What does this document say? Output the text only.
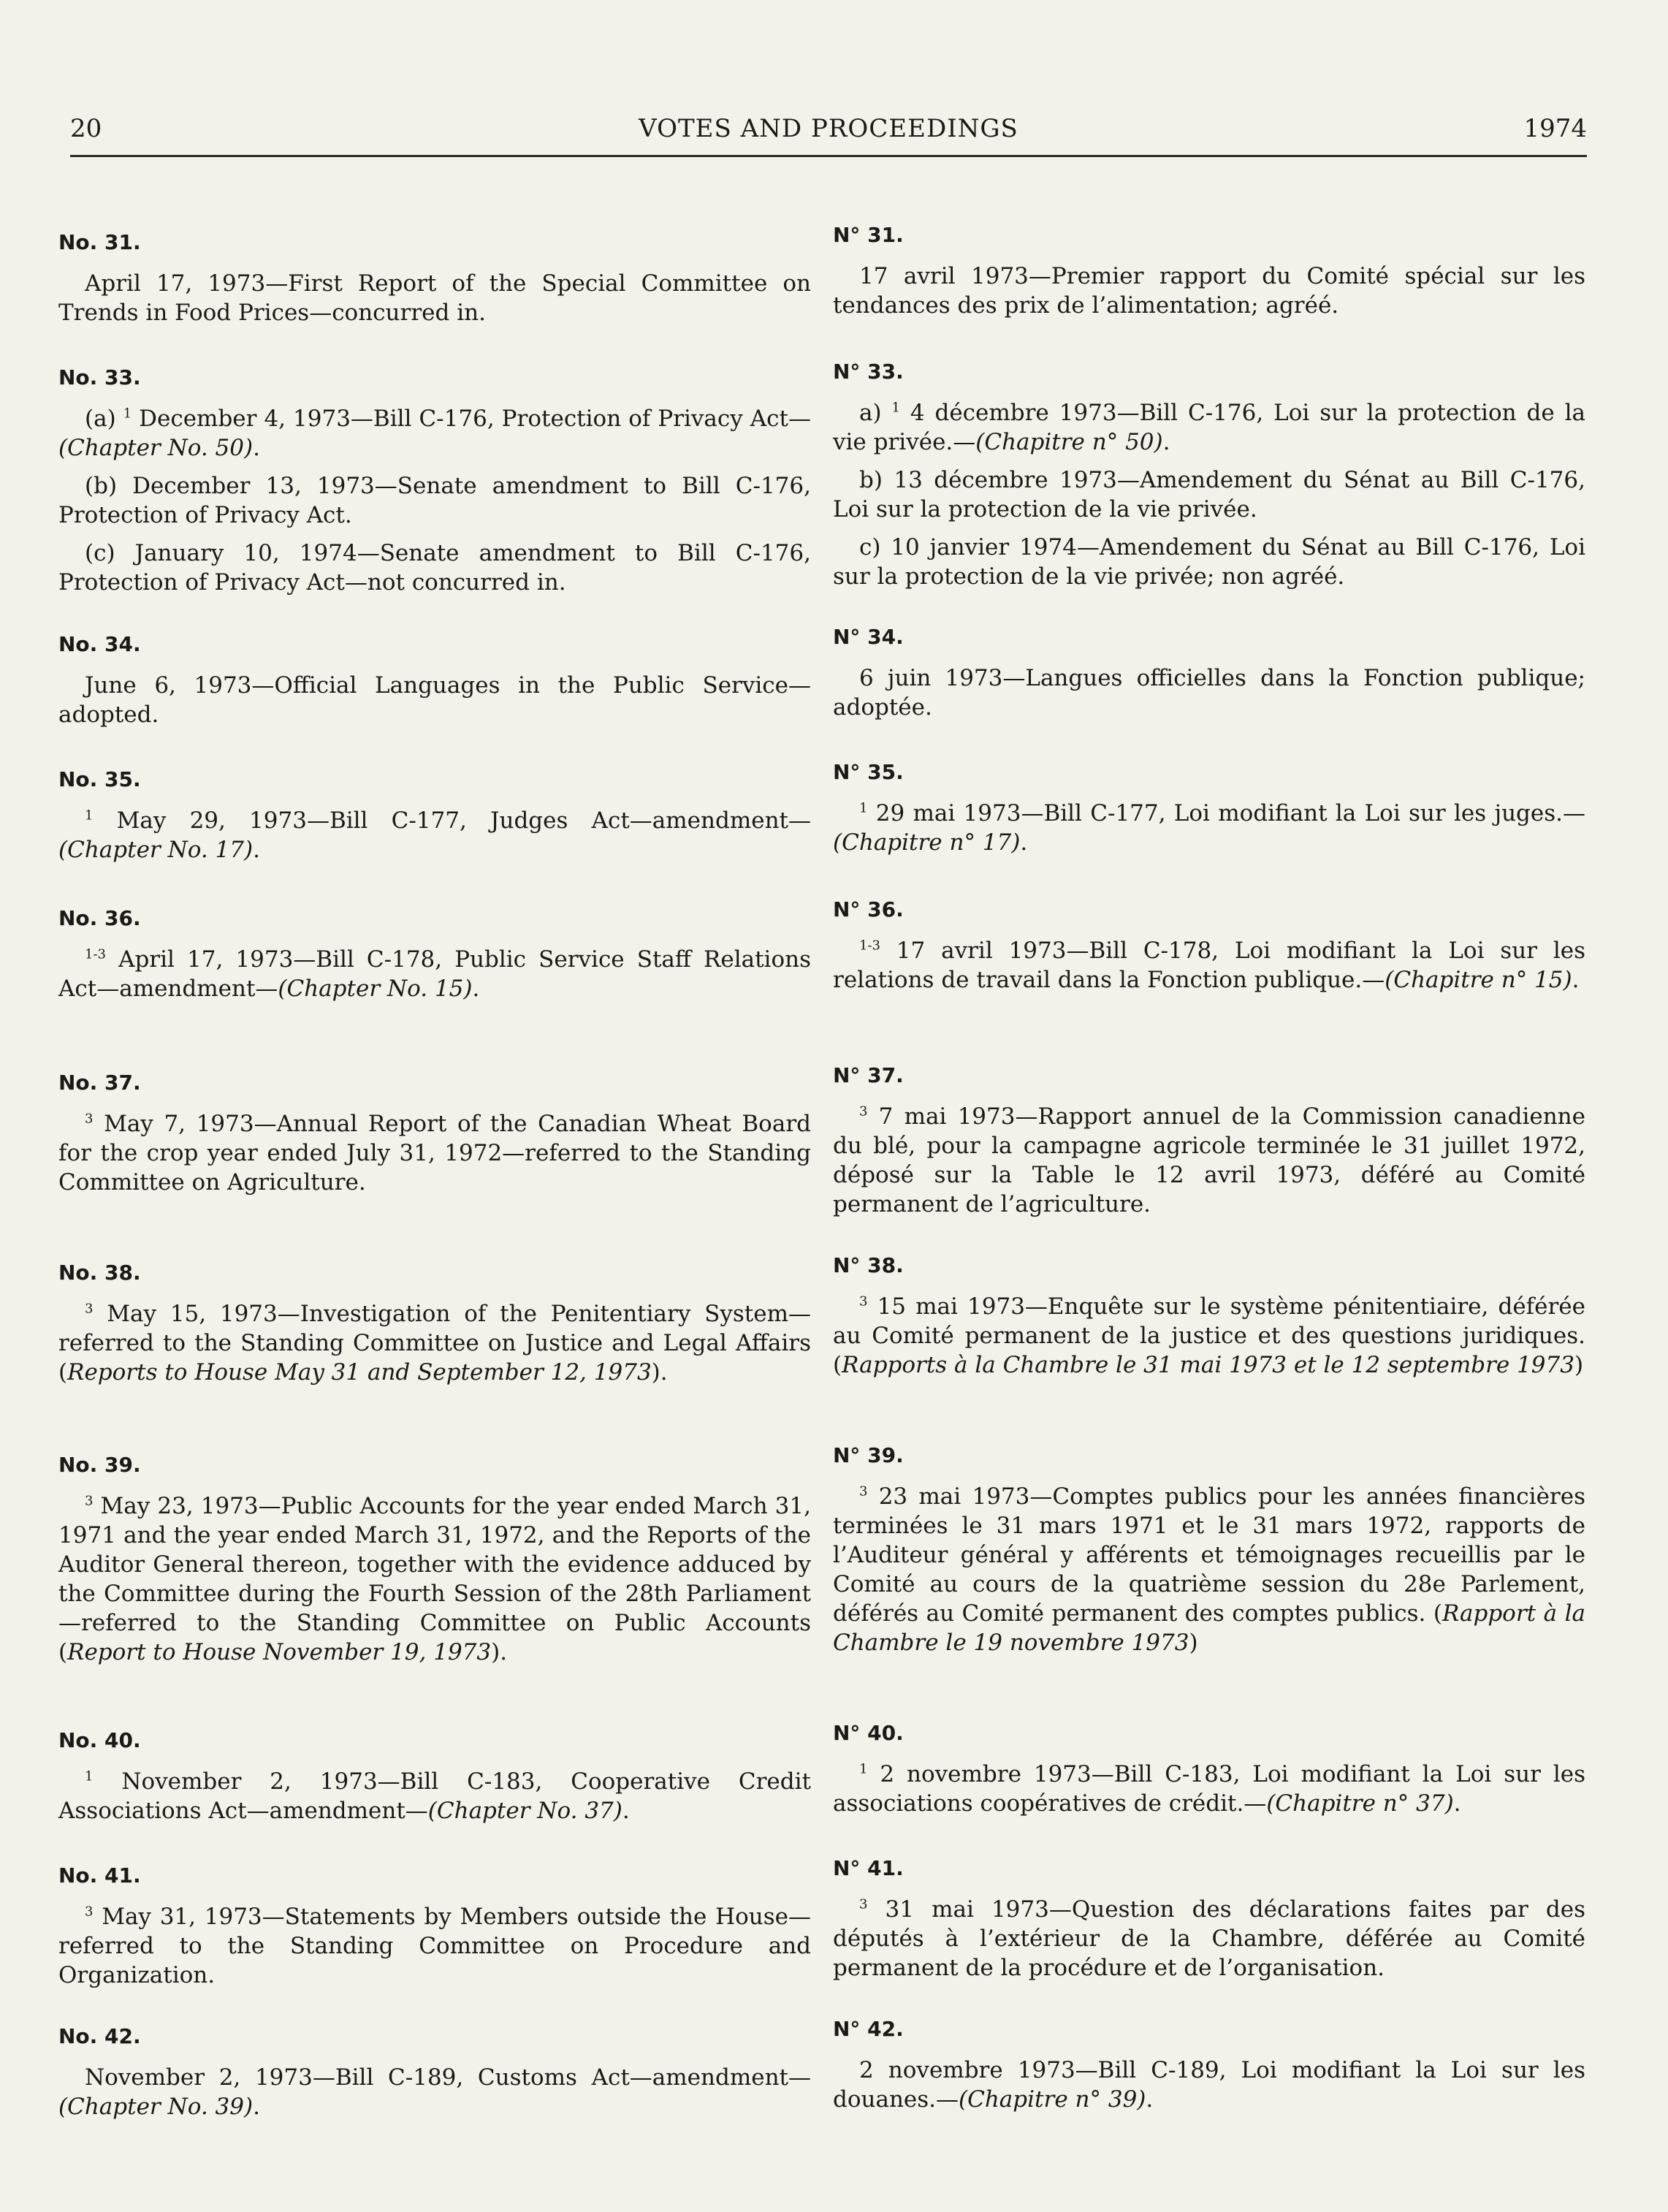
20	VOTES AND PROCEEDINGS	1974
No. 31.

April 17, 1973—First Report of the Special Committee on Trends in Food Prices—concurred in.

No. 33.

(a) $^1$ December 4, 1973—Bill C-176, Protection of Privacy Act—(Chapter No. 50).

(b) December 13, 1973—Senate amendment to Bill C-176, Protection of Privacy Act.

(c) January 10, 1974—Senate amendment to Bill C-176, Protection of Privacy Act—not concurred in.

No. 34.

June 6, 1973—Official Languages in the Public Service—adopted.

No. 35.

$^1$ May 29, 1973—Bill C-177, Judges Act—amendment—(Chapter No. 17).

No. 36.

$^{1-3}$ April 17, 1973—Bill C-178, Public Service Staff Relations Act—amendment—(Chapter No. 15).

No. 37.

$^3$ May 7, 1973—Annual Report of the Canadian Wheat Board for the crop year ended July 31, 1972—referred to the Standing Committee on Agriculture.

No. 38.

$^3$ May 15, 1973—Investigation of the Penitentiary System—referred to the Standing Committee on Justice and Legal Affairs (Reports to House May 31 and September 12, 1973).

No. 39.

$^3$ May 23, 1973—Public Accounts for the year ended March 31, 1971 and the year ended March 31, 1972, and the Reports of the Auditor General thereon, together with the evidence adduced by the Committee during the Fourth Session of the 28th Parliament—referred to the Standing Committee on Public Accounts (Report to House November 19, 1973).

No. 40.

$^1$ November 2, 1973—Bill C-183, Cooperative Credit Associations Act—amendment—(Chapter No. 37).

No. 41.

$^3$ May 31, 1973—Statements by Members outside the House—referred to the Standing Committee on Procedure and Organization.

No. 42.

November 2, 1973—Bill C-189, Customs Act—amendment—(Chapter No. 39).

N° 31.

17 avril 1973—Premier rapport du Comité spécial sur les tendances des prix de l’alimentation; agréé.

N° 33.

a) $^1$ 4 décembre 1973—Bill C-176, Loi sur la protection de la vie privée.—(Chapitre n° 50).

b) 13 décembre 1973—Amendement du Sénat au Bill C-176, Loi sur la protection de la vie privée.

c) 10 janvier 1974—Amendement du Sénat au Bill C-176, Loi sur la protection de la vie privée; non agréé.

N° 34.

6 juin 1973—Langues officielles dans la Fonction publique; adoptée.

N° 35.

$^1$ 29 mai 1973—Bill C-177, Loi modifiant la Loi sur les juges.—(Chapitre n° 17).

N° 36.

$^{1-3}$ 17 avril 1973—Bill C-178, Loi modifiant la Loi sur les relations de travail dans la Fonction publique.—(Chapitre n° 15).

N° 37.

$^3$ 7 mai 1973—Rapport annuel de la Commission canadienne du blé, pour la campagne agricole terminée le 31 juillet 1972, déposé sur la Table le 12 avril 1973, déféré au Comité permanent de l’agriculture.

N° 38.

$^3$ 15 mai 1973—Enquête sur le système pénitentiaire, déférée au Comité permanent de la justice et des questions juridiques. (Rapports à la Chambre le 31 mai 1973 et le 12 septembre 1973)

N° 39.

$^3$ 23 mai 1973—Comptes publics pour les années financières terminées le 31 mars 1971 et le 31 mars 1972, rapports de l’Auditeur général y afférents et témoignages recueillis par le Comité au cours de la quatrième session du 28e Parlement, déférés au Comité permanent des comptes publics. (Rapport à la Chambre le 19 novembre 1973)

N° 40.

$^1$ 2 novembre 1973—Bill C-183, Loi modifiant la Loi sur les associations coopératives de crédit.—(Chapitre n° 37).

N° 41.

$^3$ 31 mai 1973—Question des déclarations faites par des députés à l’extérieur de la Chambre, déférée au Comité permanent de la procédure et de l’organisation.

N° 42.

2 novembre 1973—Bill C-189, Loi modifiant la Loi sur les douanes.—(Chapitre n° 39).
